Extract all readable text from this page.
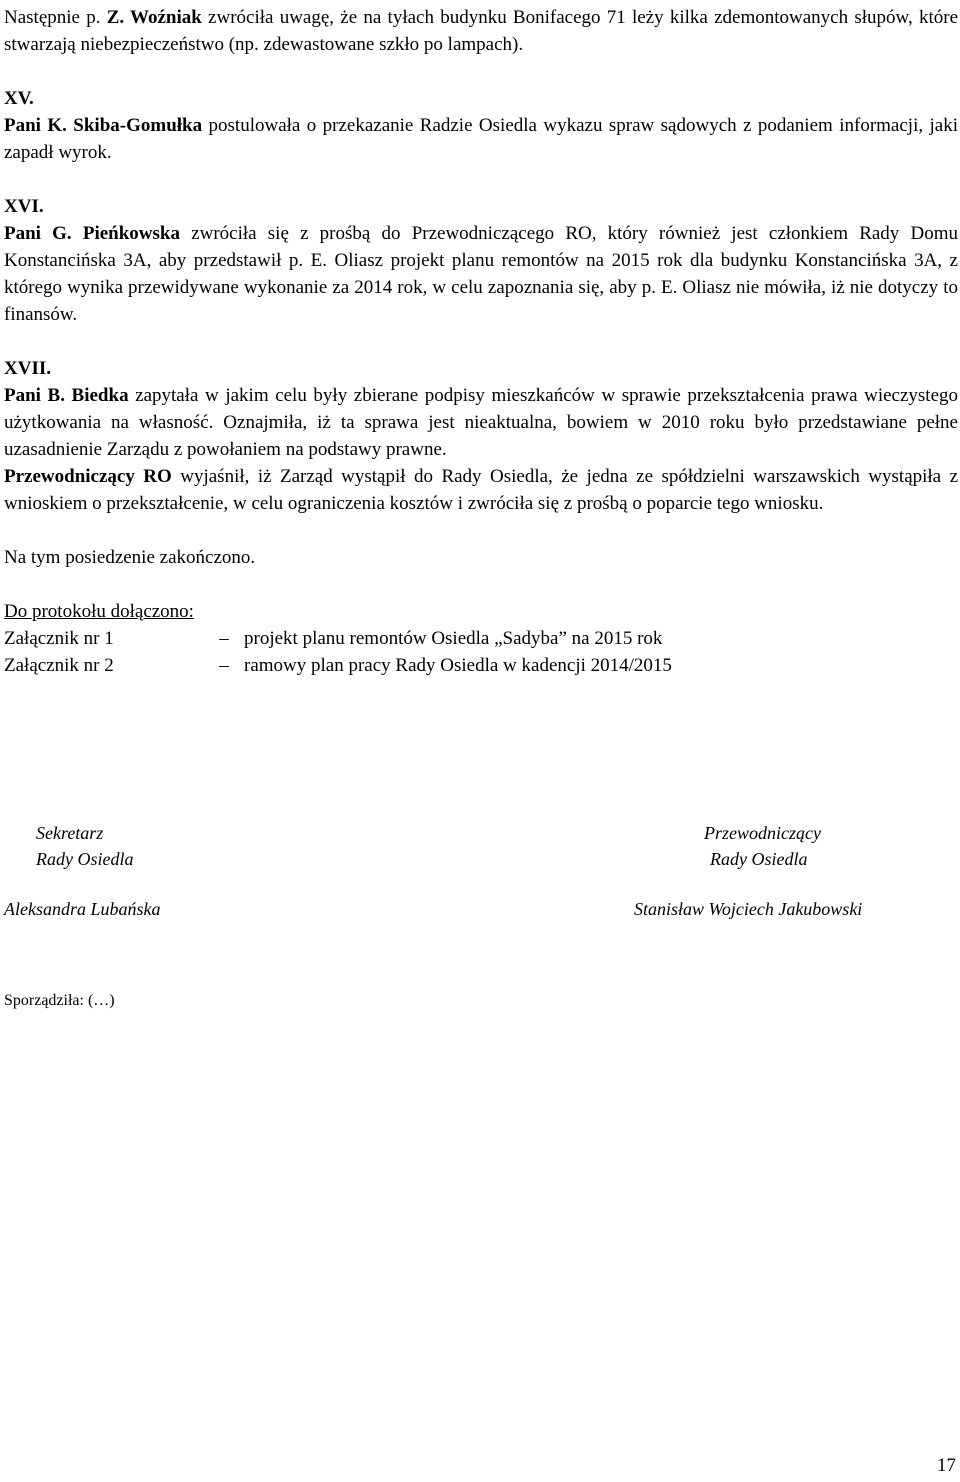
Następnie p. Z. Woźniak zwróciła uwagę, że na tyłach budynku Bonifacego 71 leży kilka zdemontowanych słupów, które stwarzają niebezpieczeństwo (np. zdewastowane szkło po lampach).

XV.

Pani K. Skiba-Gomułka postulowała o przekazanie Radzie Osiedla wykazu spraw sądowych z podaniem informacji, jaki zapadł wyrok.

XVI.

Pani G. Pieńkowska zwróciła się z prośbą do Przewodniczącego RO, który również jest członkiem Rady Domu Konstancińska 3A, aby przedstawił p. E. Oliasz projekt planu remontów na 2015 rok dla budynku Konstancińska 3A, z którego wynika przewidywane wykonanie za 2014 rok, w celu zapoznania się, aby p. E. Oliasz nie mówiła, iż nie dotyczy to finansów.

XVII.

Pani B. Biedka zapytała w jakim celu były zbierane podpisy mieszkańców w sprawie przekształcenia prawa wieczystego użytkowania na własność. Oznajmiła, iż ta sprawa jest nieaktualna, bowiem w 2010 roku było przedstawiane pełne uzasadnienie Zarządu z powołaniem na podstawy prawne.

Przewodniczący RO wyjaśnił, iż Zarząd wystąpił do Rady Osiedla, że jedna ze spółdzielni warszawskich wystąpiła z wnioskiem o przekształcenie, w celu ograniczenia kosztów i zwróciła się z prośbą o poparcie tego wniosku.

Na tym posiedzenie zakończono.

Do protokołu dołączono:

Załącznik nr 1	– projekt planu remontów Osiedla „Sadyba” na 2015 rok
Załącznik nr 2	– ramowy plan pracy Rady Osiedla w kadencji 2014/2015
Sekretarz
Rady Osiedla
Aleksandra Lubańska
Przewodniczący
Rady Osiedla
Stanisław Wojciech Jakubowski
Sporządziła: (…)
17
